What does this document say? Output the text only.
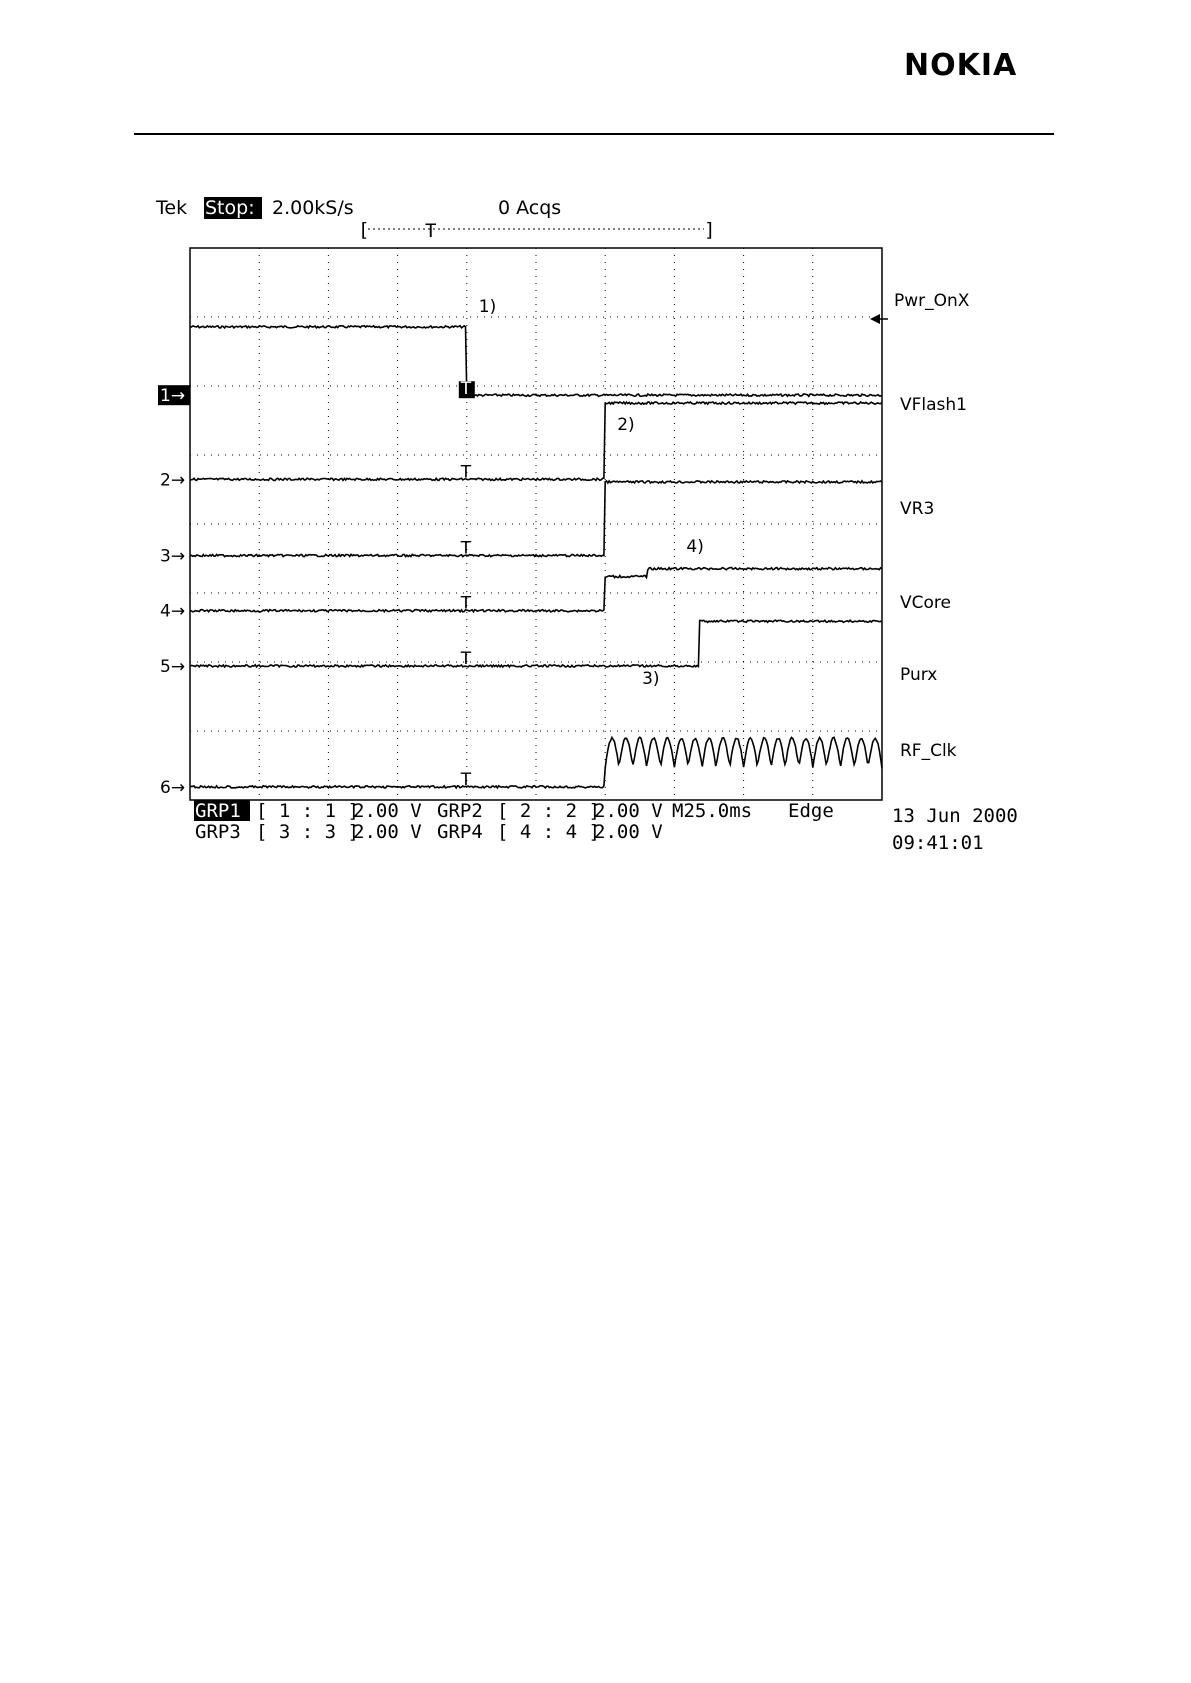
NOKIA
Tek Stop: 2.00kS/s	0 Acqs
[	]
T
1→
2→
3→
4→
5→
6→
T
T
T
T
T
T
1)
2)
3)
4)
Pwr_OnX
VFlash1
VR3
VCore
Purx
RF_Clk
GRP1 [ 1 : 1 ]
2.00 V GRP2 [ 2 : 2 ]
2.00 V M25.0ms Edge
GRP3 [ 3 : 3 ]
2.00 V GRP4 [ 4 : 4 ]
2.00 V
13 Jun 2000
09:41:01
